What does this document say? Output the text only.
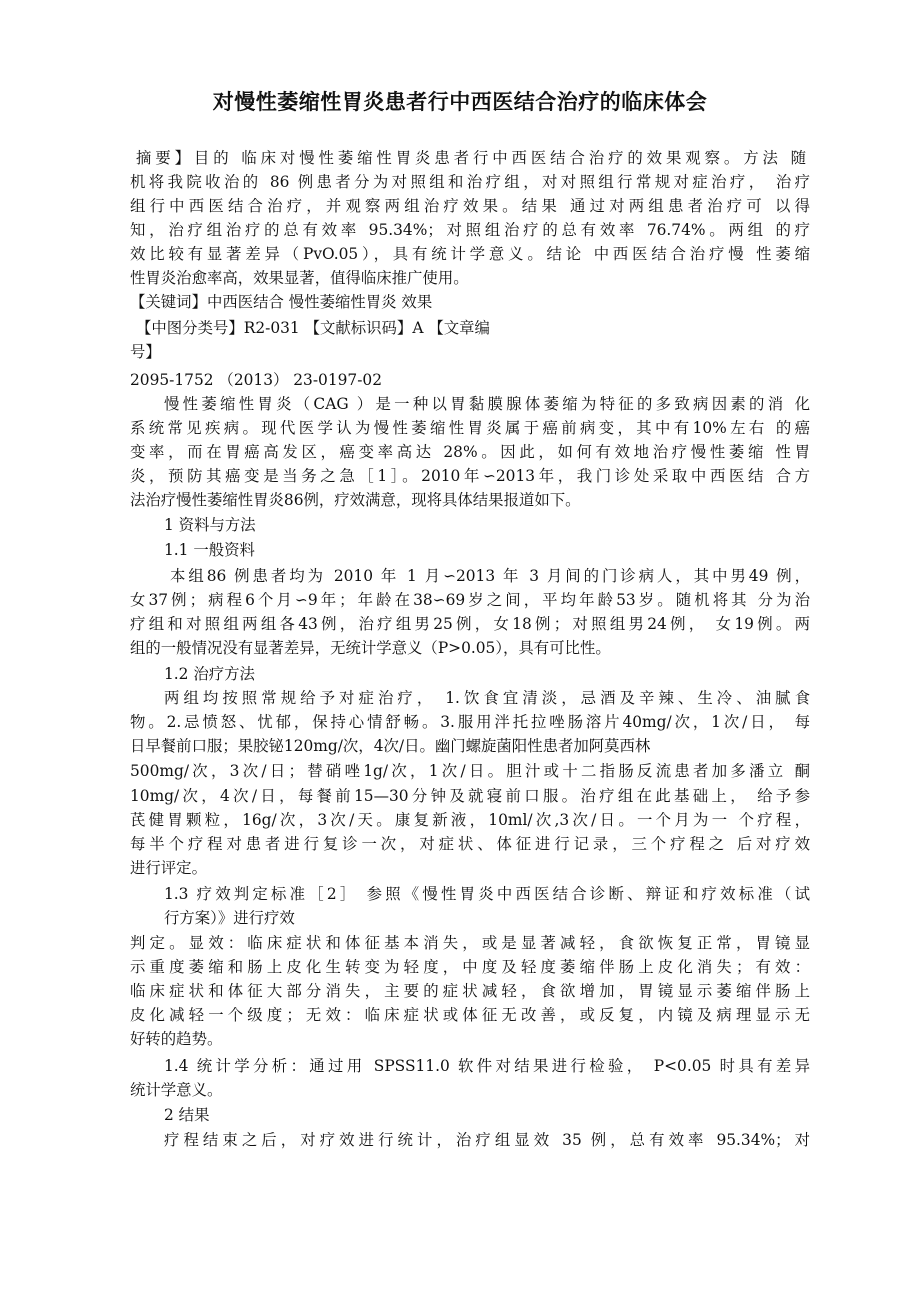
对慢性萎缩性胃炎患者行中西医结合治疗的临床体会
摘要】目的 临床对慢性萎缩性胃炎患者行中西医结合治疗的效果观察。方法 随
机将我院收治的 86 例患者分为对照组和治疗组，对对照组行常规对症治疗， 治疗
组行中西医结合治疗，并观察两组治疗效果。结果 通过对两组患者治疗可 以得
知，治疗组治疗的总有效率 95.34%；对照组治疗的总有效率 76.74%。两组 的疗
效比较有显著差异（PvO.05），具有统计学意义。结论 中西医结合治疗慢 性萎缩
性胃炎治愈率高，效果显著，值得临床推广使用。
【关键词】中西医结合 慢性萎缩性胃炎 效果
【中图分类号】R2-031 【文献标识码】A 【文章编
号】
2095-1752 （2013） 23-0197-02
慢性萎缩性胃炎（CAG ）是一种以胃黏膜腺体萎缩为特征的多致病因素的消 化
系统常见疾病。现代医学认为慢性萎缩性胃炎属于癌前病变，其中有10%左右 的癌
变率，而在胃癌高发区，癌变率高达 28%。因此，如何有效地治疗慢性萎缩 性胃
炎，预防其癌变是当务之急［1］。2010年∽2013年，我门诊处采取中西医结 合方
法治疗慢性萎缩性胃炎86例，疗效满意，现将具体结果报道如下。
1 资料与方法
1.1 一般资料
本组86 例患者均为 2010 年 1 月∽2013 年 3 月间的门诊病人，其中男49 例，
女37例；病程6个月∽9年；年龄在38∽69岁之间，平均年龄53岁。随机将其 分为治
疗组和对照组两组各43例，治疗组男25例，女18例；对照组男24例， 女19例。两
组的一般情况没有显著差异，无统计学意义（P>0.05），具有可比性。
1.2 治疗方法
两组均按照常规给予对症治疗， 1.饮食宜清淡，忌酒及辛辣、生冷、油腻食
物。2.忌愤怒、忧郁，保持心情舒畅。3.服用泮托拉唑肠溶片40mg/次，1次/日， 每
日早餐前口服；果胶铋120mg/次，4次/日。幽门螺旋菌阳性患者加阿莫西林
500mg/次，3次/日；替硝唑1g/次，1次/日。胆汁或十二指肠反流患者加多潘立 酮
10mg/次，4次/日，每餐前15—30分钟及就寝前口服。治疗组在此基础上， 给予参
芪健胃颗粒，16g/次，3次/天。康复新液，10ml/次,3次/日。一个月为一 个疗程，
每半个疗程对患者进行复诊一次，对症状、体征进行记录，三个疗程之 后对疗效
进行评定。
1.3 疗效判定标准［2］ 参照《慢性胃炎中西医结合诊断、辩证和疗效标准（试
行方案）》进行疗效
判定。显效：临床症状和体征基本消失，或是显著减轻，食欲恢复正常，胃镜显
示重度萎缩和肠上皮化生转变为轻度，中度及轻度萎缩伴肠上皮化消失；有效：
临床症状和体征大部分消失，主要的症状减轻，食欲增加，胃镜显示萎缩伴肠上
皮化减轻一个级度；无效：临床症状或体征无改善，或反复，内镜及病理显示无
好转的趋势。
1.4 统计学分析：通过用 SPSS11.0 软件对结果进行检验， P<0.05 时具有差异
统计学意义。
2 结果
疗程结束之后，对疗效进行统计，治疗组显效 35 例，总有效率 95.34%；对
